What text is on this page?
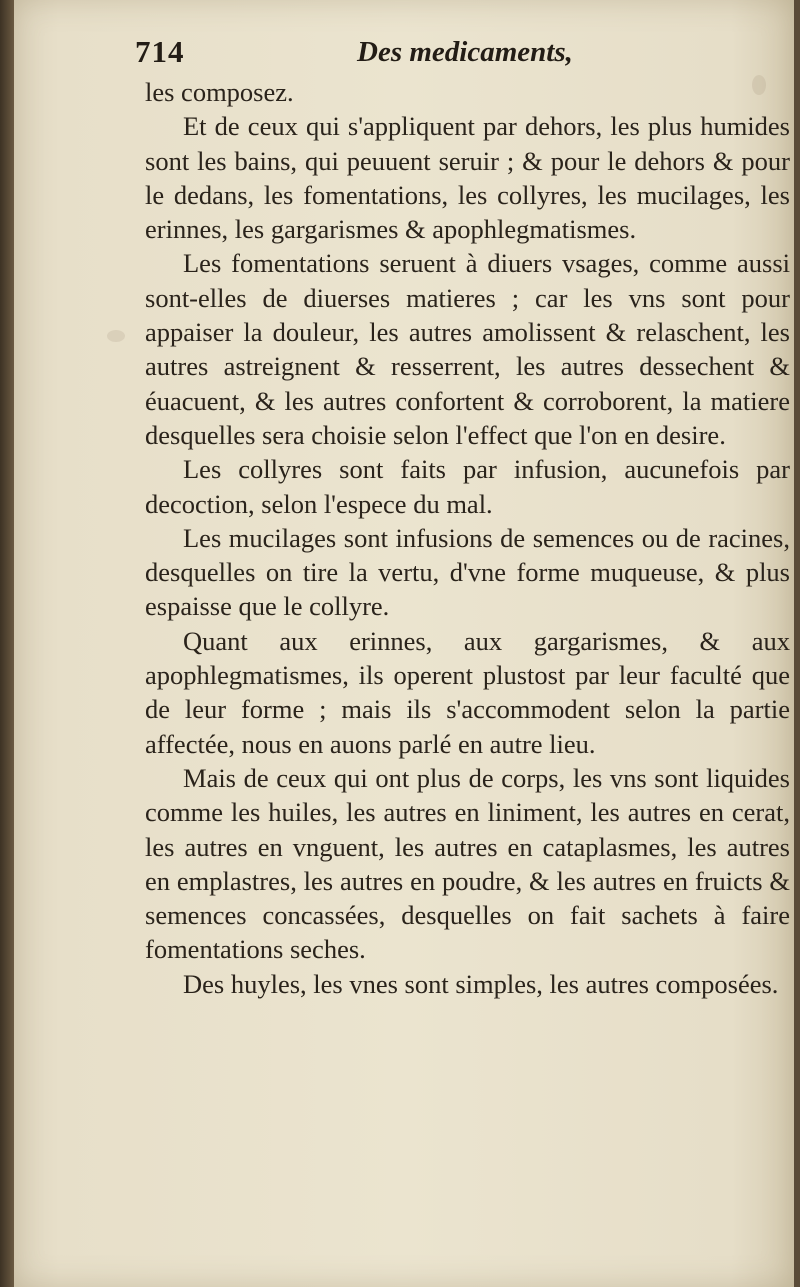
714	Des medicaments,

les composez.

Et de ceux qui s'appliquent par dehors, les plus humides sont les bains, qui peuuent seruir ; & pour le dehors & pour le dedans, les fomentations, les collyres, les mucilages, les erinnes, les gargarismes & apophlegmatismes.

Les fomentations seruent à diuers vsages, comme aussi sont-elles de diuerses matieres ; car les vns sont pour appaiser la douleur, les autres amolissent & relaschent, les autres astreignent & resserrent, les autres dessechent & éuacuent, & les autres confortent & corroborent, la matiere desquelles sera choisie selon l'effect que l'on en desire.

Les collyres sont faits par infusion, aucunefois par decoction, selon l'espece du mal.

Les mucilages sont infusions de semences ou de racines, desquelles on tire la vertu, d'vne forme muqueuse, & plus espaisse que le collyre.

Quant aux erinnes, aux gargarismes, & aux apophlegmatismes, ils operent plustost par leur faculté que de leur forme ; mais ils s'accommodent selon la partie affectée, nous en auons parlé en autre lieu.

Mais de ceux qui ont plus de corps, les vns sont liquides comme les huiles, les autres en liniment, les autres en cerat, les autres en vnguent, les autres en cataplasmes, les autres en emplastres, les autres en poudre, & les autres en fruicts & semences concassées, desquelles on fait sachets à faire fomentations seches.

Des huyles, les vnes sont simples, les autres composées.
